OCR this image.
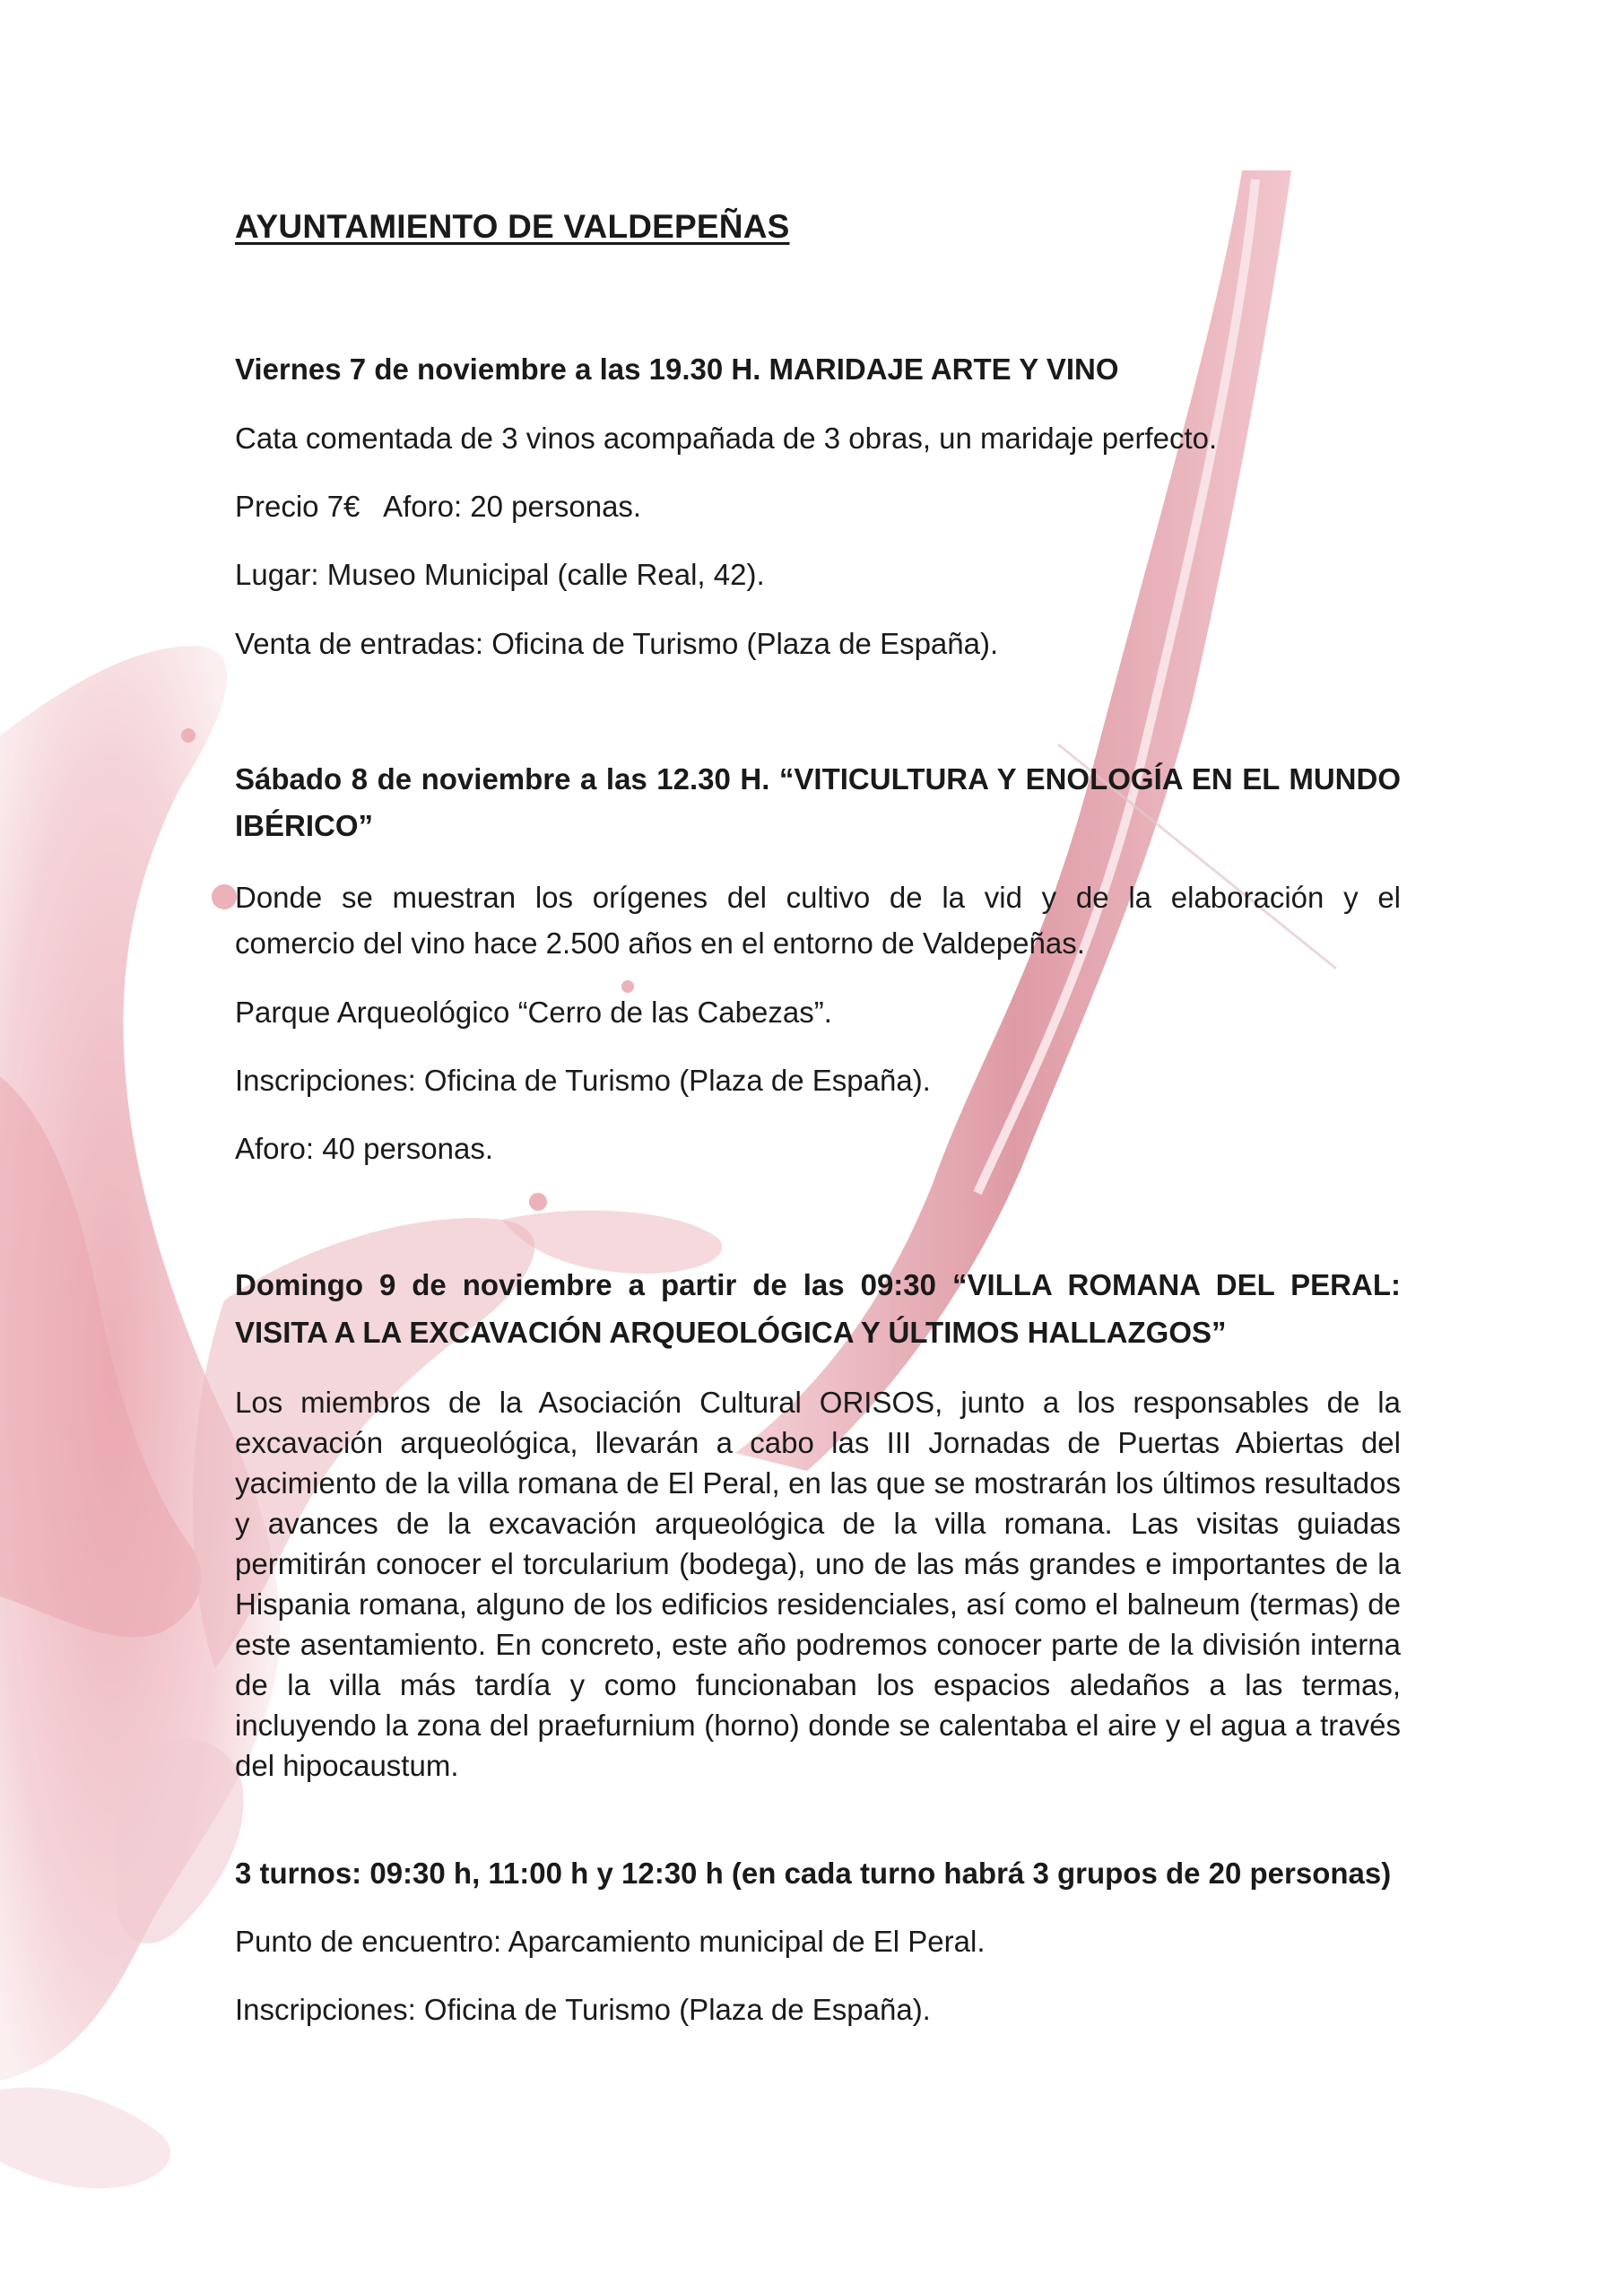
AYUNTAMIENTO DE VALDEPEÑAS

Viernes 7 de noviembre a las 19.30 H. MARIDAJE ARTE Y VINO

Cata comentada de 3 vinos acompañada de 3 obras, un maridaje perfecto.

Precio 7€   Aforo: 20 personas.

Lugar: Museo Municipal (calle Real, 42).

Venta de entradas: Oficina de Turismo (Plaza de España).

Sábado 8 de noviembre a las 12.30 H. “VITICULTURA Y ENOLOGÍA EN EL MUNDO

IBÉRICO”

Donde se muestran los orígenes del cultivo de la vid y de la elaboración y el

comercio del vino hace 2.500 años en el entorno de Valdepeñas.

Parque Arqueológico “Cerro de las Cabezas”.

Inscripciones: Oficina de Turismo (Plaza de España).

Aforo: 40 personas.

Domingo 9 de noviembre a partir de las 09:30 “VILLA ROMANA DEL PERAL:

VISITA A LA EXCAVACIÓN ARQUEOLÓGICA Y ÚLTIMOS HALLAZGOS”

Los miembros de la Asociación Cultural ORISOS, junto a los responsables de la excavación arqueológica, llevarán a cabo las III Jornadas de Puertas Abiertas del yacimiento de la villa romana de El Peral, en las que se mostrarán los últimos resultados y avances de la excavación arqueológica de la villa romana. Las visitas guiadas permitirán conocer el torcularium (bodega), uno de las más grandes e importantes de la Hispania romana, alguno de los edificios residenciales, así como el balneum (termas) de este asentamiento. En concreto, este año podremos conocer parte de la división interna de la villa más tardía y como funcionaban los espacios aledaños a las termas, incluyendo la zona del praefurnium (horno) donde se calentaba el aire y el agua a través del hipocaustum.

3 turnos: 09:30 h, 11:00 h y 12:30 h (en cada turno habrá 3 grupos de 20 personas)

Punto de encuentro: Aparcamiento municipal de El Peral.

Inscripciones: Oficina de Turismo (Plaza de España).
